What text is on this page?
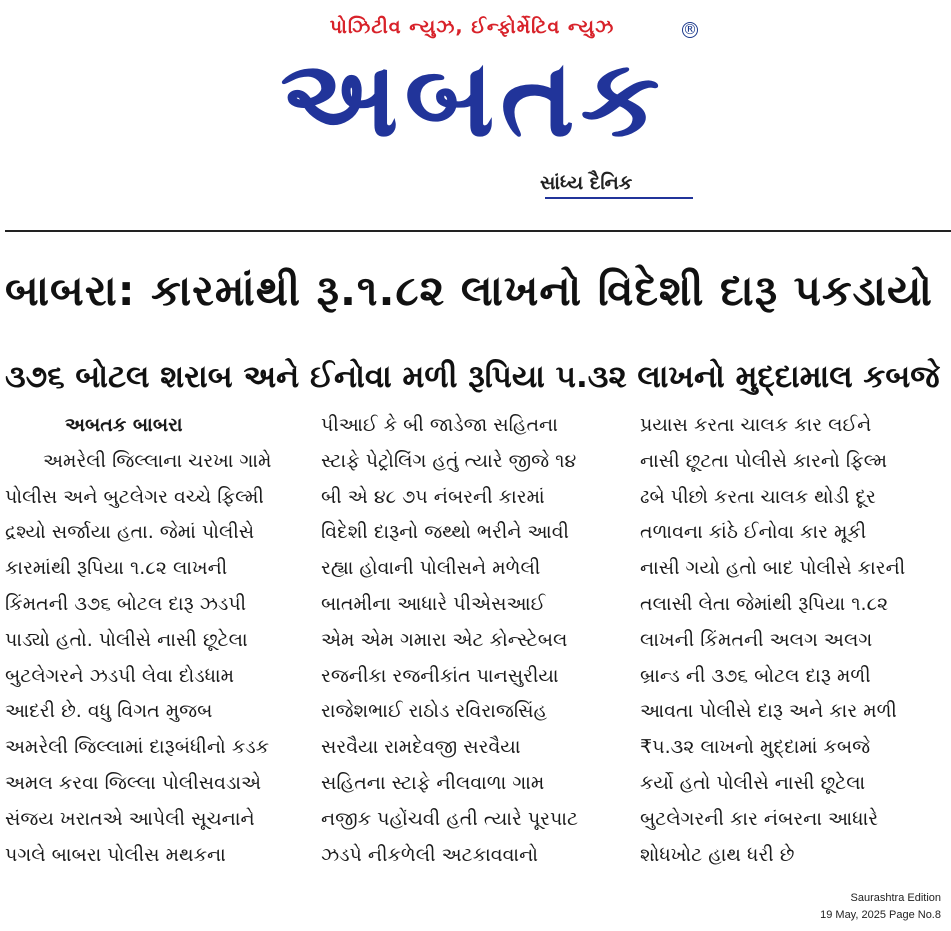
પોઝિટીવ ન્યુઝ, ઈન્ફોર્મેટિવ ન્યુઝ	®
અબતક
સાંધ્ય દૈનિક
બાબરા: કારમાંથી રૂ.૧.૮૨ લાખનો વિદેશી દારૂ પકડાયો
૩૭૬ બોટલ શરાબ અને ઈનોવા મળી રૂપિયા ૫.૩૨ લાખનો મુદ્દામાલ કબજે
અબતક બાબરા
અમરેલી જિલ્લાના ચરખા ગામે
પોલીસ અને બુટલેગર વચ્ચે ફિલ્મી
દ્રશ્યો સર્જાયા હતા. જેમાં પોલીસે
કારમાંથી રૂપિયા ૧.૮૨ લાખની
કિંમતની ૩૭૬ બોટલ દારૂ ઝડપી
પાડ્યો હતો. પોલીસે નાસી છૂટેલા
બુટલેગરને ઝડપી લેવા દોડધામ
આદરી છે. વધુ વિગત મુજબ
અમરેલી જિલ્લામાં દારૂબંધીનો કડક
અમલ કરવા જિલ્લા પોલીસવડાએ
સંજય ખરાતએ આપેલી સૂચનાને
પગલે બાબરા પોલીસ મથકના
પીઆઈ કે બી જાડેજા સહિતના
સ્ટાફે પેટ્રોલિંગ હતું ત્યારે જીજે ૧૪
બી એ ૪૮ ૭૫ નંબરની કારમાં
વિદેશી દારૂનો જથ્થો ભરીને આવી
રહ્યા હોવાની પોલીસને મળેલી
બાતમીના આધારે પીએસઆઈ
એમ એમ ગમારા એટ કોન્સ્ટેબલ
રજનીકા રજનીકાંત પાનસુરીયા
રાજેશભાઈ રાઠોડ રવિરાજસિંહ
સરવૈયા રામદેવજી સરવૈયા
સહિતના સ્ટાફે નીલવાળા ગામ
નજીક પહોંચવી હતી ત્યારે પૂરપાટ
ઝડપે નીકળેલી અટકાવવાનો
પ્રયાસ કરતા ચાલક કાર લઈને
નાસી છૂટતા પોલીસે કારનો ફિલ્મ
ઢબે પીછો કરતા ચાલક થોડી દૂર
તળાવના કાંઠે ઈનોવા કાર મૂકી
નાસી ગયો હતો બાદ પોલીસે કારની
તલાસી લેતા જેમાંથી રૂપિયા ૧.૮૨
લાખની કિંમતની અલગ અલગ
બ્રાન્ડ ની ૩૭૬ બોટલ દારૂ મળી
આવતા પોલીસે દારૂ અને કાર મળી
₹૫.૩૨ લાખનો મુદ્દામાં કબજે
કર્યો હતો પોલીસે નાસી છૂટેલા
બુટલેગરની કાર નંબરના આધારે
શોધખોટ હાથ ધરી છે
Saurashtra Edition
19 May, 2025 Page No.8
